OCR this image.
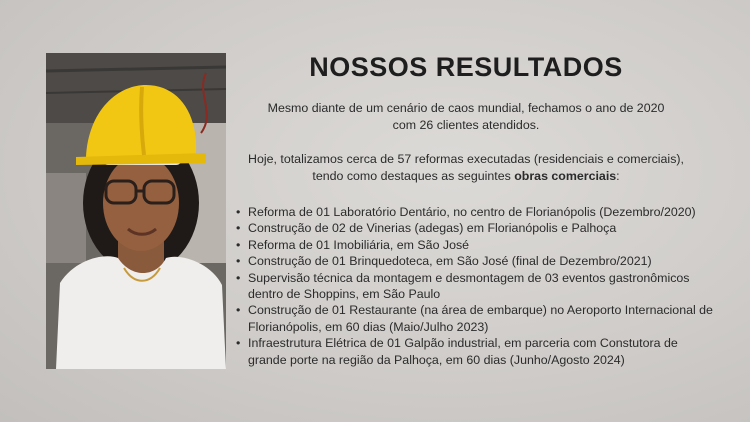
NOSSOS RESULTADOS

Mesmo diante de um cenário de caos mundial, fechamos o ano de 2020

com 26 clientes atendidos.

Hoje, totalizamos cerca de 57 reformas executadas (residenciais e comerciais),

tendo como destaques as seguintes obras comerciais:

• Reforma de 01 Laboratório Dentário, no centro de Florianópolis (Dezembro/2020)
• Construção de 02 de Vinerias (adegas) em Florianópolis e Palhoça
• Reforma de 01 Imobiliária, em São José
• Construção de 01 Brinquedoteca, em São José (final de Dezembro/2021)
• Supervisão técnica da montagem e desmontagem de 03 eventos gastronômicos dentro de Shoppins, em São Paulo
• Construção de 01 Restaurante (na área de embarque) no Aeroporto Internacional de Florianópolis, em 60 dias (Maio/Julho 2023)
• Infraestrutura Elétrica de 01 Galpão industrial, em parceria com Constutora de grande porte na região da Palhoça, em 60 dias (Junho/Agosto 2024)
